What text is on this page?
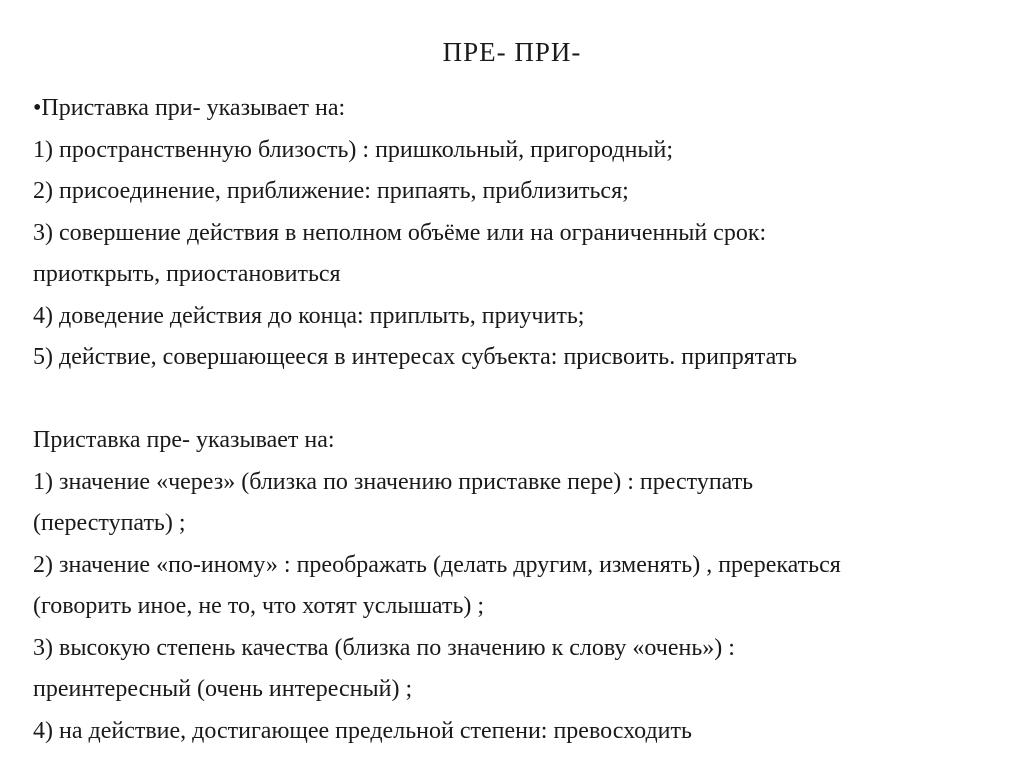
ПРЕ- ПРИ-
•Приставка при- указывает на:
1) пространственную близость) : пришкольный, пригородный;
2) присоединение, приближение: припаять, приблизиться;
3) совершение действия в неполном объёме или на ограниченный срок:
приоткрыть, приостановиться
4) доведение действия до конца: приплыть, приучить;
5) действие, совершающееся в интересах субъекта: присвоить. припрятать
Приставка пре- указывает на:
1) значение «через» (близка по значению приставке пере) : преступать
(переступать) ;
2) значение «по-иному» : преображать (делать другим, изменять) , пререкаться
(говорить иное, не то, что хотят услышать) ;
3) высокую степень качества (близка по значению к слову «очень») :
преинтересный (очень интересный) ;
4) на действие, достигающее предельной степени: превосходить
